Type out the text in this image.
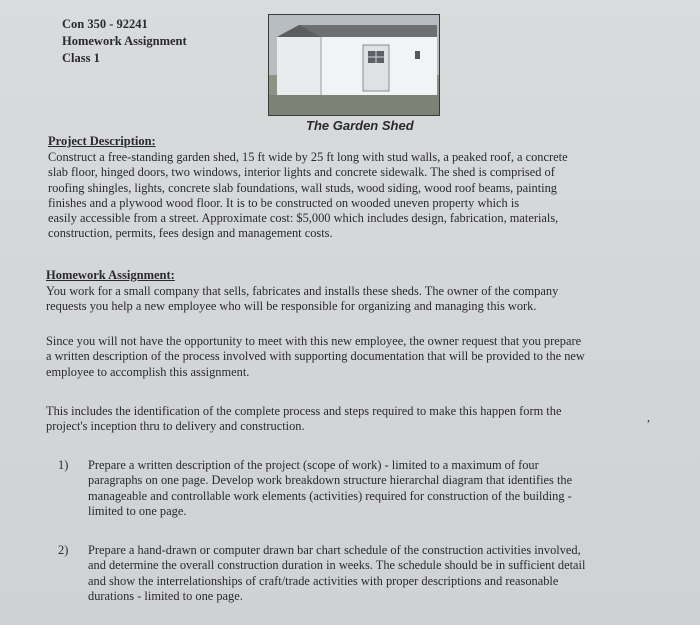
Con 350 - 92241
Homework Assignment
Class 1
The Garden Shed
Project Description:
Construct a free-standing garden shed, 15 ft wide by 25 ft long with stud walls, a peaked roof, a concrete
slab floor, hinged doors, two windows, interior lights and concrete sidewalk. The shed is comprised of
roofing shingles, lights, concrete slab foundations, wall studs, wood siding, wood roof beams, painting
finishes and a plywood wood floor. It is to be constructed on wooded uneven property which is
easily accessible from a street. Approximate cost: $5,000 which includes design, fabrication, materials,
construction, permits, fees design and management costs.
Homework Assignment:
You work for a small company that sells, fabricates and installs these sheds. The owner of the company
requests you help a new employee who will be responsible for organizing and managing this work.
Since you will not have the opportunity to meet with this new employee, the owner request that you prepare
a written description of the process involved with supporting documentation that will be provided to the new
employee to accomplish this assignment.
This includes the identification of the complete process and steps required to make this happen form the
project's inception thru to delivery and construction.
,
1) Prepare a written description of the project (scope of work) - limited to a maximum of four
paragraphs on one page. Develop work breakdown structure hierarchal diagram that identifies the
manageable and controllable work elements (activities) required for construction of the building -
limited to one page.
2) Prepare a hand-drawn or computer drawn bar chart schedule of the construction activities involved,
and determine the overall construction duration in weeks. The schedule should be in sufficient detail
and show the interrelationships of craft/trade activities with proper descriptions and reasonable
durations - limited to one page.
